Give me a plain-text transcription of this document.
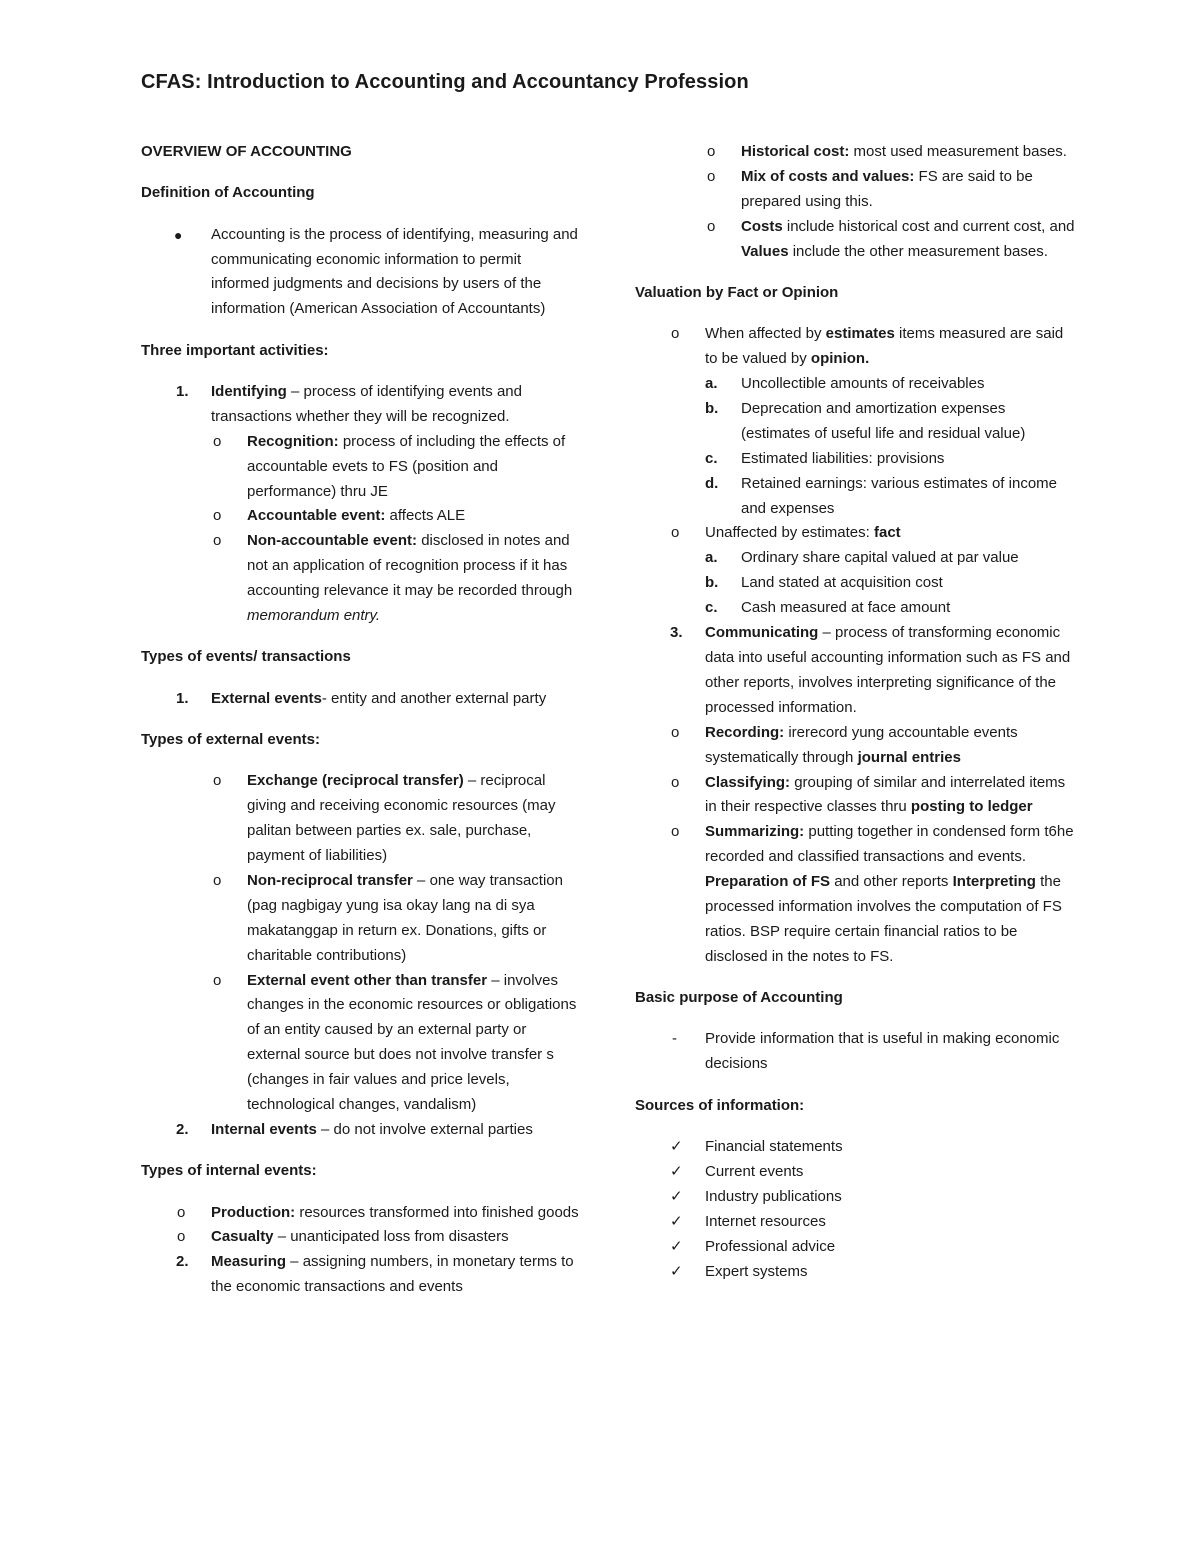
CFAS: Introduction to Accounting and Accountancy Profession
OVERVIEW OF ACCOUNTING
Definition of Accounting
● Accounting is the process of identifying, measuring and communicating economic information to permit informed judgments and decisions by users of the information (American Association of Accountants)
Three important activities:
1. Identifying – process of identifying events and transactions whether they will be recognized.
o Recognition: process of including the effects of accountable evets to FS (position and performance) thru JE
o Accountable event: affects ALE
o Non-accountable event: disclosed in notes and not an application of recognition process if it has accounting relevance it may be recorded through memorandum entry.
Types of events/ transactions
1. External events- entity and another external party
Types of external events:
o Exchange (reciprocal transfer) – reciprocal giving and receiving economic resources (may palitan between parties ex. sale, purchase, payment of liabilities)
o Non-reciprocal transfer – one way transaction (pag nagbigay yung isa okay lang na di sya makatanggap in return ex. Donations, gifts or charitable contributions)
o External event other than transfer – involves changes in the economic resources or obligations of an entity caused by an external party or external source but does not involve transfer s (changes in fair values and price levels, technological changes, vandalism)
2. Internal events – do not involve external parties
Types of internal events:
o Production: resources transformed into finished goods
o Casualty – unanticipated loss from disasters
2. Measuring – assigning numbers, in monetary terms to the economic transactions and events
o Historical cost: most used measurement bases.
o Mix of costs and values: FS are said to be prepared using this.
o Costs include historical cost and current cost, and Values include the other measurement bases.
Valuation by Fact or Opinion
o When affected by estimates items measured are said to be valued by opinion.
a. Uncollectible amounts of receivables
b. Deprecation and amortization expenses (estimates of useful life and residual value)
c. Estimated liabilities: provisions
d. Retained earnings: various estimates of income and expenses
o Unaffected by estimates: fact
a. Ordinary share capital valued at par value
b. Land stated at acquisition cost
c. Cash measured at face amount
3. Communicating – process of transforming economic data into useful accounting information such as FS and other reports, involves interpreting significance of the processed information.
o Recording: irerecord yung accountable events systematically through journal entries
o Classifying: grouping of similar and interrelated items in their respective classes thru posting to ledger
o Summarizing: putting together in condensed form t6he recorded and classified transactions and events. Preparation of FS and other reports Interpreting the processed information involves the computation of FS ratios. BSP require certain financial ratios to be disclosed in the notes to FS.
Basic purpose of Accounting
- Provide information that is useful in making economic decisions
Sources of information:
✓ Financial statements
✓ Current events
✓ Industry publications
✓ Internet resources
✓ Professional advice
✓ Expert systems
